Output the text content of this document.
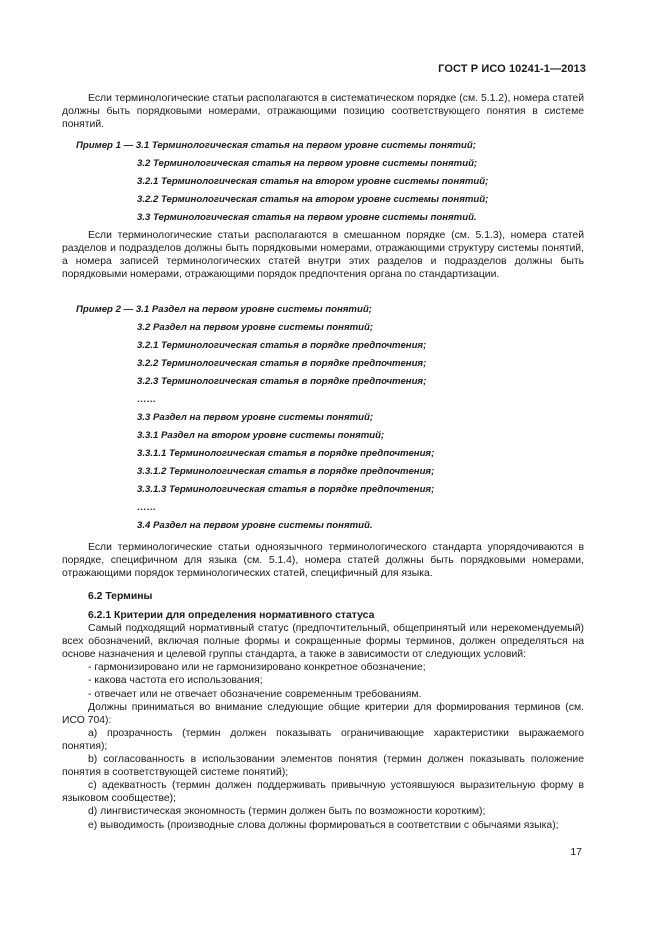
ГОСТ Р ИСО 10241-1—2013

Если терминологические статьи располагаются в систематическом порядке (см. 5.1.2), номера статей должны быть порядковыми номерами, отражающими позицию соответствующего понятия в системе понятий.

Пример 1 — 3.1 Терминологическая статья на первом уровне системы понятий;
3.2 Терминологическая статья на первом уровне системы понятий;
3.2.1 Терминологическая статья на втором уровне системы понятий;
3.2.2 Терминологическая статья на втором уровне системы понятий;
3.3 Терминологическая статья на первом уровне системы понятий.

Если терминологические статьи располагаются в смешанном порядке (см. 5.1.3), номера статей разделов и подразделов должны быть порядковыми номерами, отражающими структуру системы понятий, а номера записей терминологических статей внутри этих разделов и подразделов должны быть порядковыми номерами, отражающими порядок предпочтения органа по стандартизации.

Пример 2 — 3.1 Раздел на первом уровне системы понятий;
3.2 Раздел на первом уровне системы понятий;
3.2.1 Терминологическая статья в порядке предпочтения;
3.2.2 Терминологическая статья в порядке предпочтения;
3.2.3 Терминологическая статья в порядке предпочтения;
……
3.3 Раздел на первом уровне системы понятий;
3.3.1 Раздел на втором уровне системы понятий;
3.3.1.1 Терминологическая статья в порядке предпочтения;
3.3.1.2 Терминологическая статья в порядке предпочтения;
3.3.1.3 Терминологическая статья в порядке предпочтения;
……
3.4 Раздел на первом уровне системы понятий.

Если терминологические статьи одноязычного терминологического стандарта упорядочиваются в порядке, специфичном для языка (см. 5.1.4), номера статей должны быть порядковыми номерами, отражающими порядок терминологических статей, специфичный для языка.

6.2 Термины

6.2.1 Критерии для определения нормативного статуса

Самый подходящий нормативный статус (предпочтительный, общепринятый или нерекомендуемый) всех обозначений, включая полные формы и сокращенные формы терминов, должен определяться на основе назначения и целевой группы стандарта, а также в зависимости от следующих условий:

- гармонизировано или не гармонизировано конкретное обозначение;

- какова частота его использования;

- отвечает или не отвечает обозначение современным требованиям.

Должны приниматься во внимание следующие общие критерии для формирования терминов (см. ИСО 704):

a) прозрачность (термин должен показывать ограничивающие характеристики выражаемого понятия);

b) согласованность в использовании элементов понятия (термин должен показывать положение понятия в соответствующей системе понятий);

c) адекватность (термин должен поддерживать привычную устоявшуюся выразительную форму в языковом сообществе);

d) лингвистическая экономность (термин должен быть по возможности коротким);

e) выводимость (производные слова должны формироваться в соответствии с обычаями языка);

17
